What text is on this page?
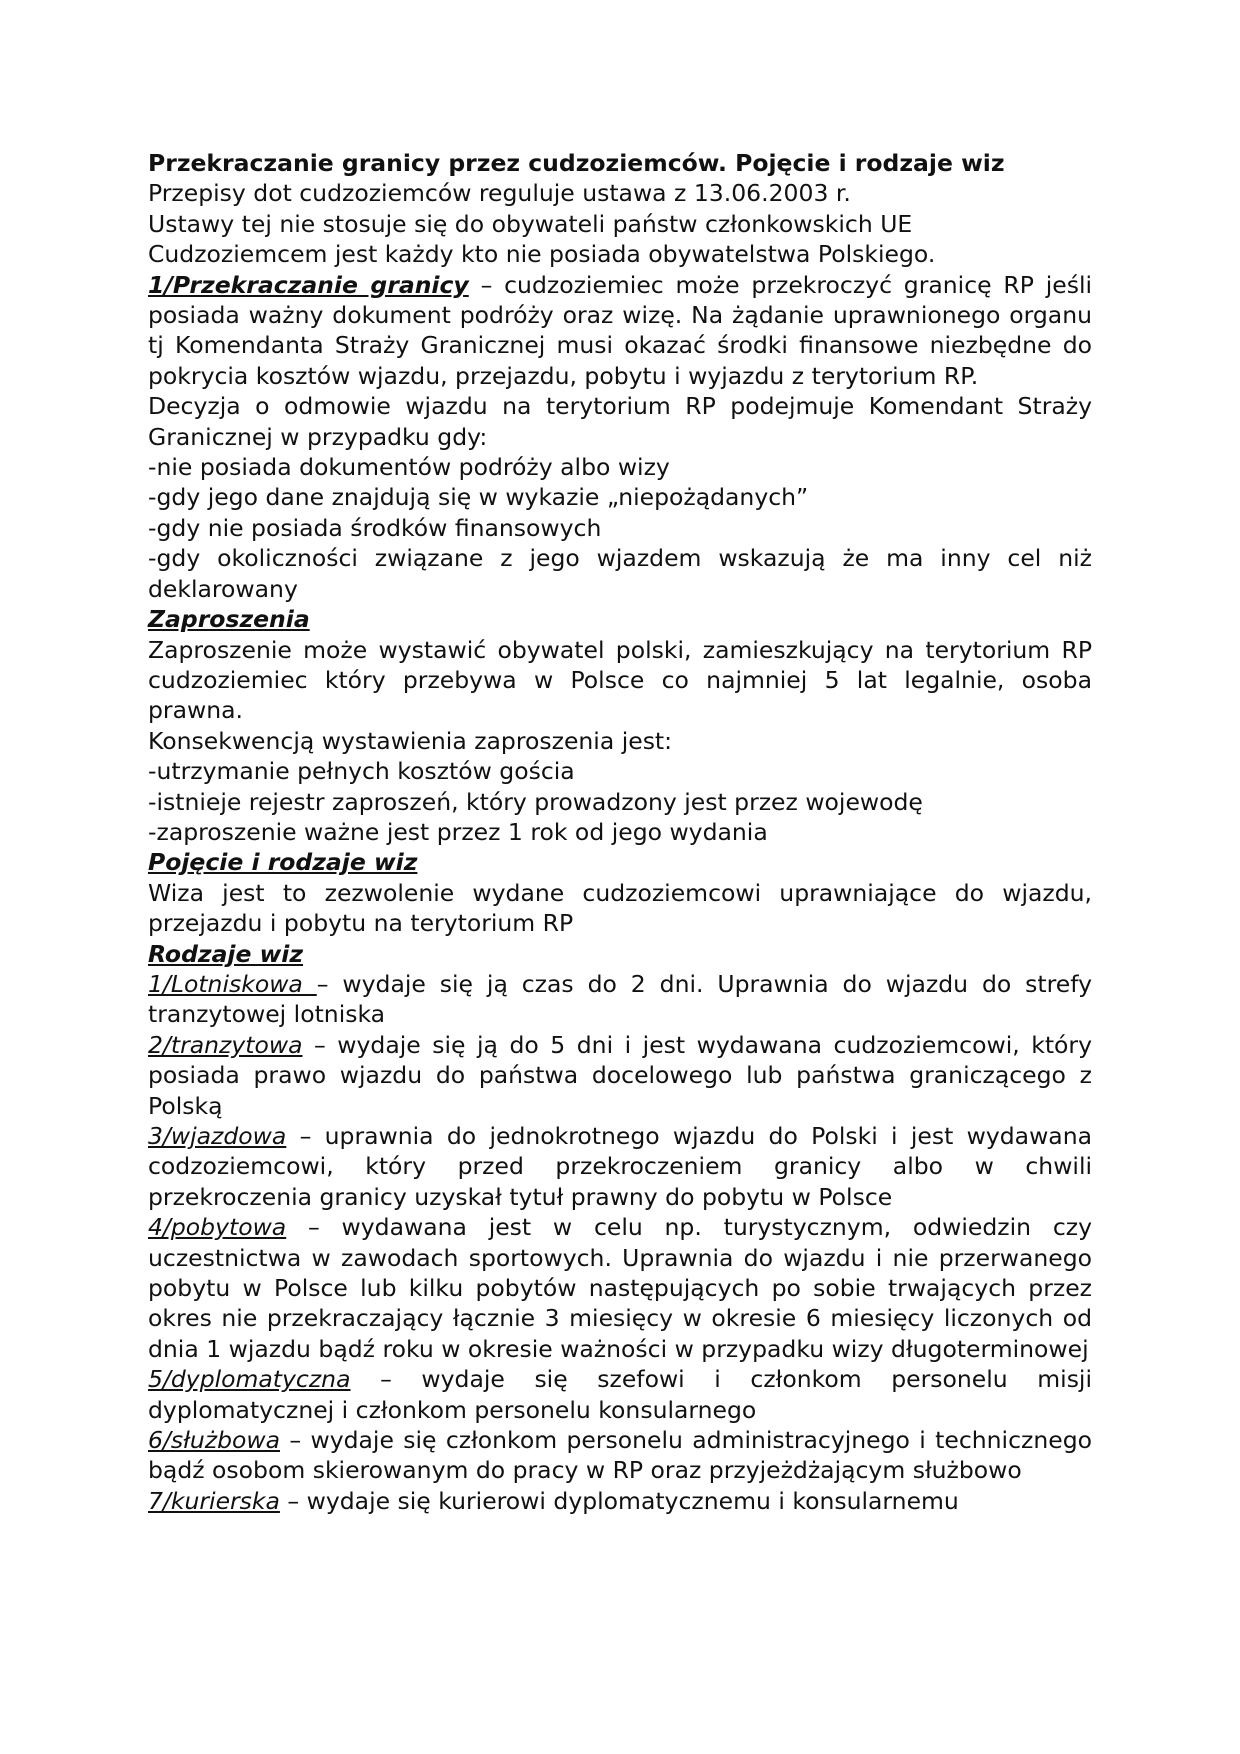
Przekraczanie granicy przez cudzoziemców. Pojęcie i rodzaje wiz

Przepisy dot cudzoziemców reguluje ustawa z 13.06.2003 r.

Ustawy tej nie stosuje się do obywateli państw członkowskich UE

Cudzoziemcem jest każdy kto nie posiada obywatelstwa Polskiego.

1/Przekraczanie granicy – cudzoziemiec może przekroczyć granicę RP jeśli posiada ważny dokument podróży oraz wizę. Na żądanie uprawnionego organu tj Komendanta Straży Granicznej musi okazać środki finansowe niezbędne do pokrycia kosztów wjazdu, przejazdu, pobytu i wyjazdu z terytorium RP.

Decyzja o odmowie wjazdu na terytorium RP podejmuje Komendant Straży Granicznej w przypadku gdy:

-nie posiada dokumentów podróży albo wizy

-gdy jego dane znajdują się w wykazie „niepożądanych”

-gdy nie posiada środków finansowych

-gdy okoliczności związane z jego wjazdem wskazują że ma inny cel niż deklarowany

Zaproszenia

Zaproszenie może wystawić obywatel polski, zamieszkujący na terytorium RP cudzoziemiec który przebywa w Polsce co najmniej 5 lat legalnie, osoba prawna.

Konsekwencją wystawienia zaproszenia jest:

-utrzymanie pełnych kosztów gościa

-istnieje rejestr zaproszeń, który prowadzony jest przez wojewodę

-zaproszenie ważne jest przez 1 rok od jego wydania

Pojęcie i rodzaje wiz

Wiza jest to zezwolenie wydane cudzoziemcowi uprawniające do wjazdu, przejazdu i pobytu na terytorium RP

Rodzaje wiz

1/Lotniskowa – wydaje się ją czas do 2 dni. Uprawnia do wjazdu do strefy tranzytowej lotniska

2/tranzytowa – wydaje się ją do 5 dni i jest wydawana cudzoziemcowi, który posiada prawo wjazdu do państwa docelowego lub państwa graniczącego z Polską

3/wjazdowa – uprawnia do jednokrotnego wjazdu do Polski i jest wydawana codzoziemcowi, który przed przekroczeniem granicy albo w chwili przekroczenia granicy uzyskał tytuł prawny do pobytu w Polsce

4/pobytowa – wydawana jest w celu np. turystycznym, odwiedzin czy uczestnictwa w zawodach sportowych. Uprawnia do wjazdu i nie przerwanego pobytu w Polsce lub kilku pobytów następujących po sobie trwających przez okres nie przekraczający łącznie 3 miesięcy w okresie 6 miesięcy liczonych od dnia 1 wjazdu bądź roku w okresie ważności w przypadku wizy długoterminowej

5/dyplomatyczna – wydaje się szefowi i członkom personelu misji dyplomatycznej i członkom personelu konsularnego

6/służbowa – wydaje się członkom personelu administracyjnego i technicznego bądź osobom skierowanym do pracy w RP oraz przyjeżdżającym służbowo

7/kurierska – wydaje się kurierowi dyplomatycznemu i konsularnemu
